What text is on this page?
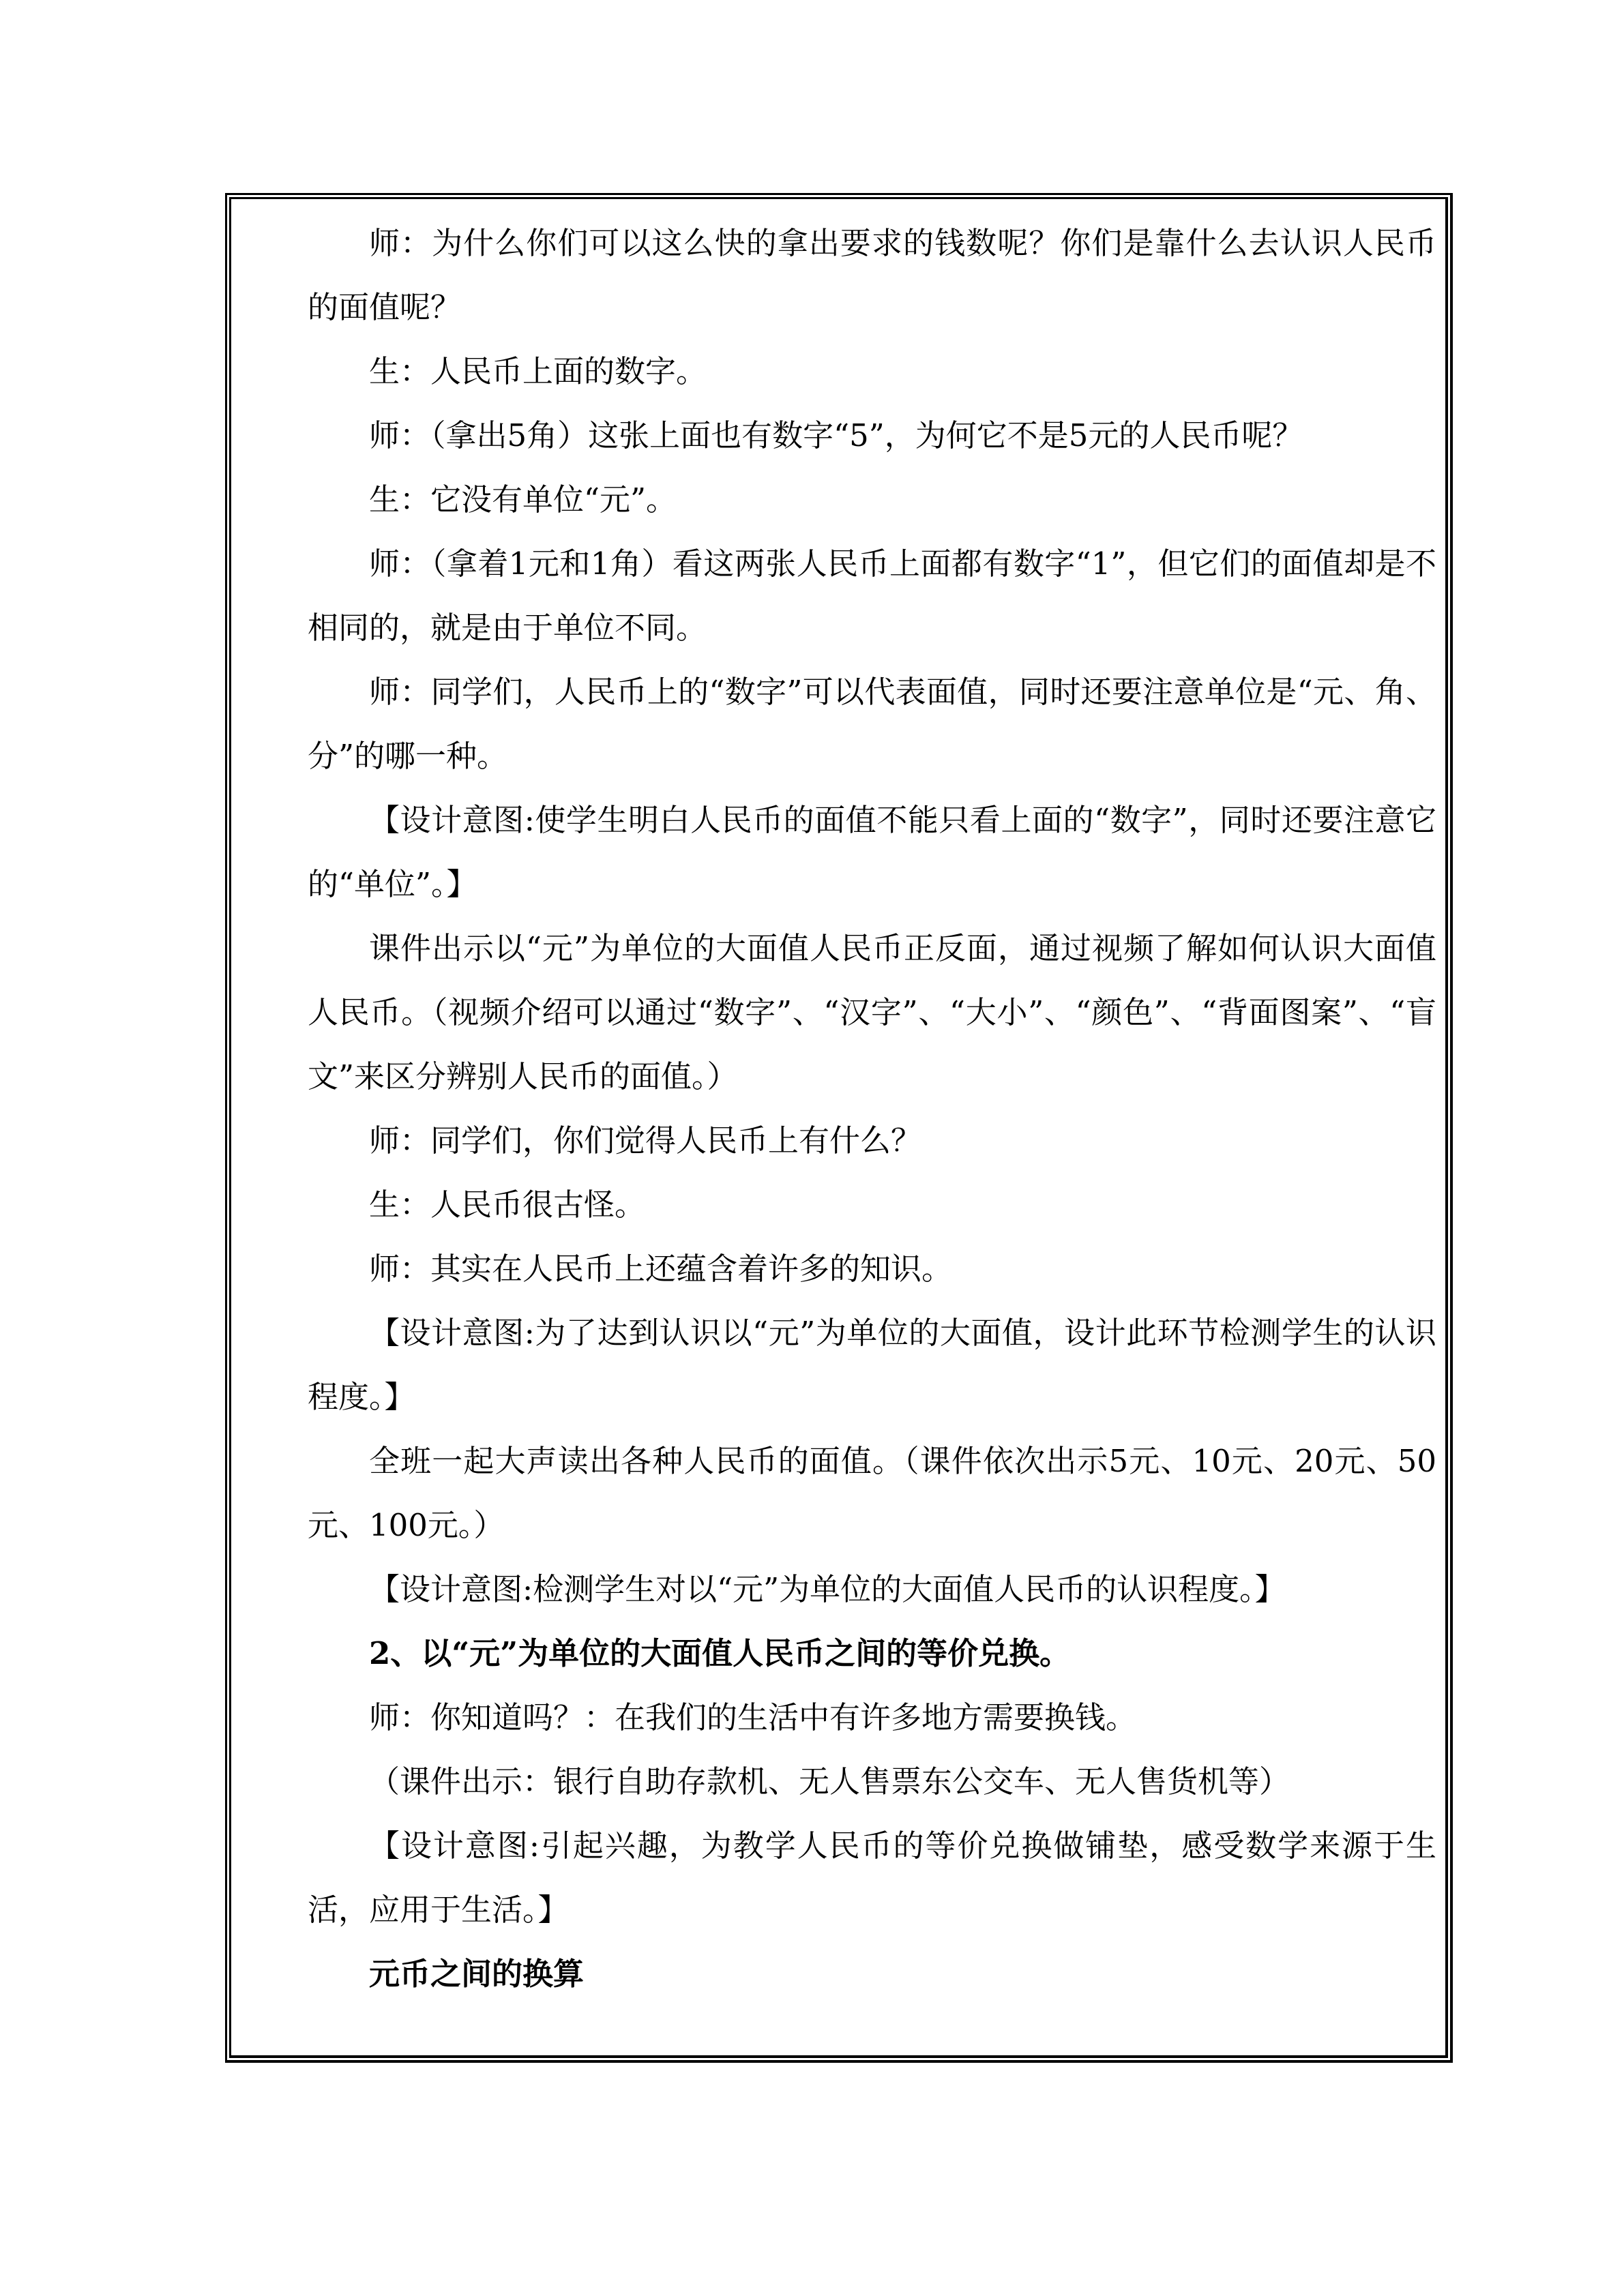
师：为什么你们可以这么快的拿出要求的钱数呢？你们是靠什么去认识人民币的面值呢？

生：人民币上面的数字。

师：（拿出5角）这张上面也有数字“5”，为何它不是5元的人民币呢？

生：它没有单位“元”。

师：（拿着1元和1角）看这两张人民币上面都有数字“1”，但它们的面值却是不相同的，就是由于单位不同。

师：同学们，人民币上的“数字”可以代表面值，同时还要注意单位是“元、角、分”的哪一种。

【设计意图:使学生明白人民币的面值不能只看上面的“数字”，同时还要注意它的“单位”。】

课件出示以“元”为单位的大面值人民币正反面，通过视频了解如何认识大面值人民币。（视频介绍可以通过“数字”、“汉字”、“大小”、“颜色”、“背面图案”、“盲文”来区分辨别人民币的面值。）

师：同学们，你们觉得人民币上有什么？

生：人民币很古怪。

师：其实在人民币上还蕴含着许多的知识。

【设计意图:为了达到认识以“元”为单位的大面值，设计此环节检测学生的认识程度。】

全班一起大声读出各种人民币的面值。（课件依次出示5元、10元、20元、50元、100元。）

【设计意图:检测学生对以“元”为单位的大面值人民币的认识程度。】

2、以“元”为单位的大面值人民币之间的等价兑换。

师：你知道吗？：在我们的生活中有许多地方需要换钱。

（课件出示：银行自助存款机、无人售票东公交车、无人售货机等）

【设计意图:引起兴趣，为教学人民币的等价兑换做铺垫，感受数学来源于生活，应用于生活。】

元币之间的换算
